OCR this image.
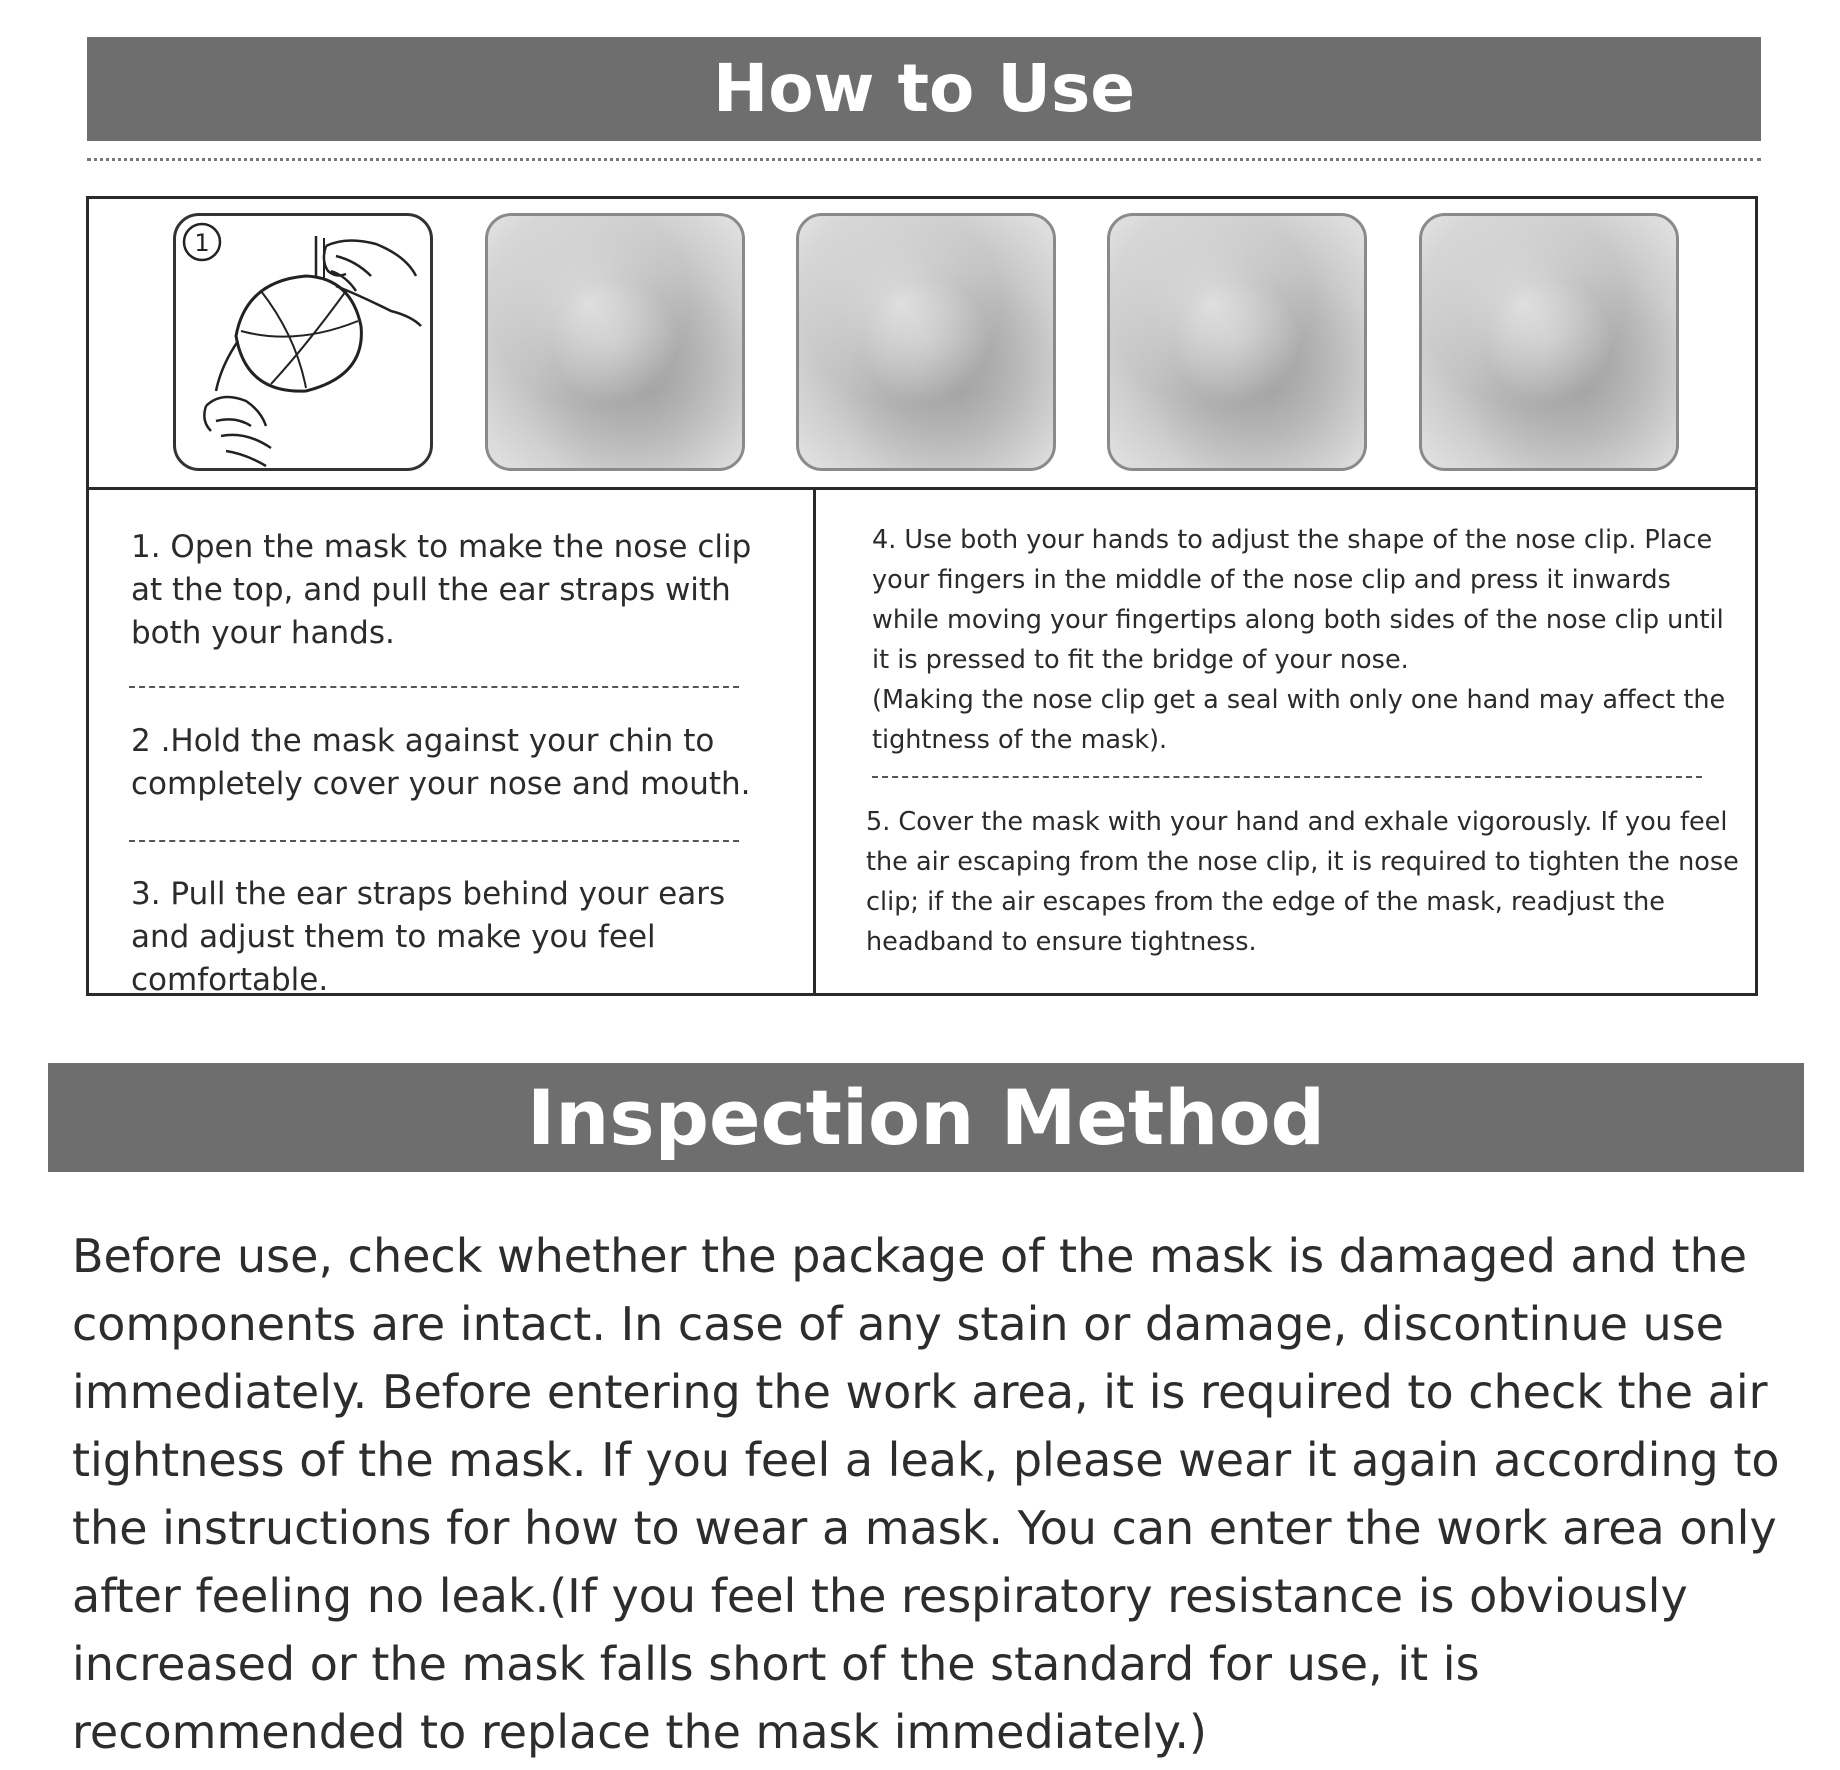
How to Use
1
1. Open the mask to make the nose clip at the top, and pull the ear straps with both your hands.
2 .Hold the mask against your chin to completely cover your nose and mouth.
3. Pull the ear straps behind your ears and adjust them to make you feel comfortable.
4. Use both your hands to adjust the shape of the nose clip. Place your fingers in the middle of the nose clip and press it inwards while moving your fingertips along both sides of the nose clip until it is pressed to fit the bridge of your nose.
(Making the nose clip get a seal with only one hand may affect the tightness of the mask).
5. Cover the mask with your hand and exhale vigorously. If you feel the air escaping from the nose clip, it is required to tighten the nose clip; if the air escapes from the edge of the mask, readjust the headband to ensure tightness.
Inspection Method

Before use, check whether the package of the mask is damaged and the components are intact. In case of any stain or damage, discontinue use immediately. Before entering the work area, it is required to check the air tightness of the mask. If you feel a leak, please wear it again according to the instructions for how to wear a mask. You can enter the work area only after feeling no leak.(If you feel the respiratory resistance is obviously increased or the mask falls short of the standard for use, it is recommended to replace the mask immediately.)
